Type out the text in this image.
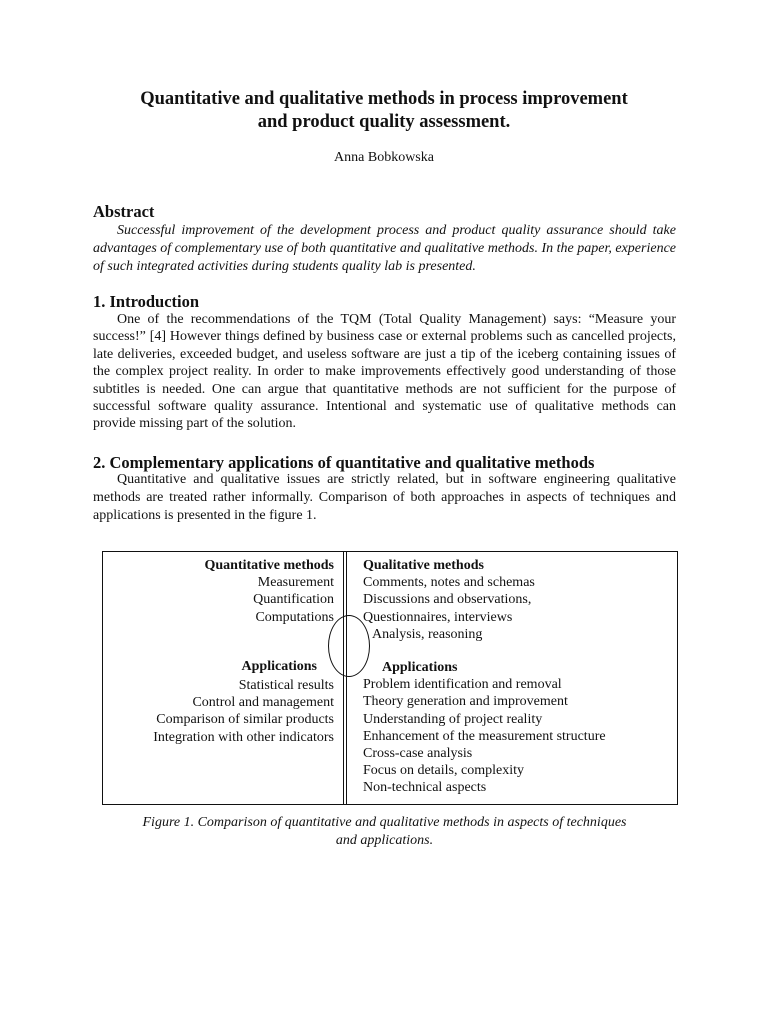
Quantitative and qualitative methods in process improvement
and product quality assessment.
Anna Bobkowska
Abstract
Successful improvement of the development process and product quality assurance should take advantages of complementary use of both quantitative and qualitative methods. In the paper, experience of such integrated activities during students quality lab is presented.
1. Introduction
One of the recommendations of the TQM (Total Quality Management) says: “Measure your success!” [4] However things defined by business case or external problems such as cancelled projects, late deliveries, exceeded budget, and useless software are just a tip of the iceberg containing issues of the complex project reality. In order to make improvements effectively good understanding of those subtitles is needed. One can argue that quantitative methods are not sufficient for the purpose of successful software quality assurance. Intentional and systematic use of qualitative methods can provide missing part of the solution.
2. Complementary applications of quantitative and qualitative methods
Quantitative and qualitative issues are strictly related, but in software engineering qualitative methods are treated rather informally. Comparison of both approaches in aspects of techniques and applications is presented in the figure 1.
Quantitative methods
Measurement
Quantification
Computations
Applications
Statistical results
Control and management
Comparison of similar products
Integration with other indicators
Qualitative methods
Comments, notes and schemas
Discussions and observations,
Questionnaires, interviews
Analysis, reasoning
Applications
Problem identification and removal
Theory generation and improvement
Understanding of project reality
Enhancement of the measurement structure
Cross-case analysis
Focus on details, complexity
Non-technical aspects
Figure 1. Comparison of quantitative and qualitative methods in aspects of techniques
and applications.
